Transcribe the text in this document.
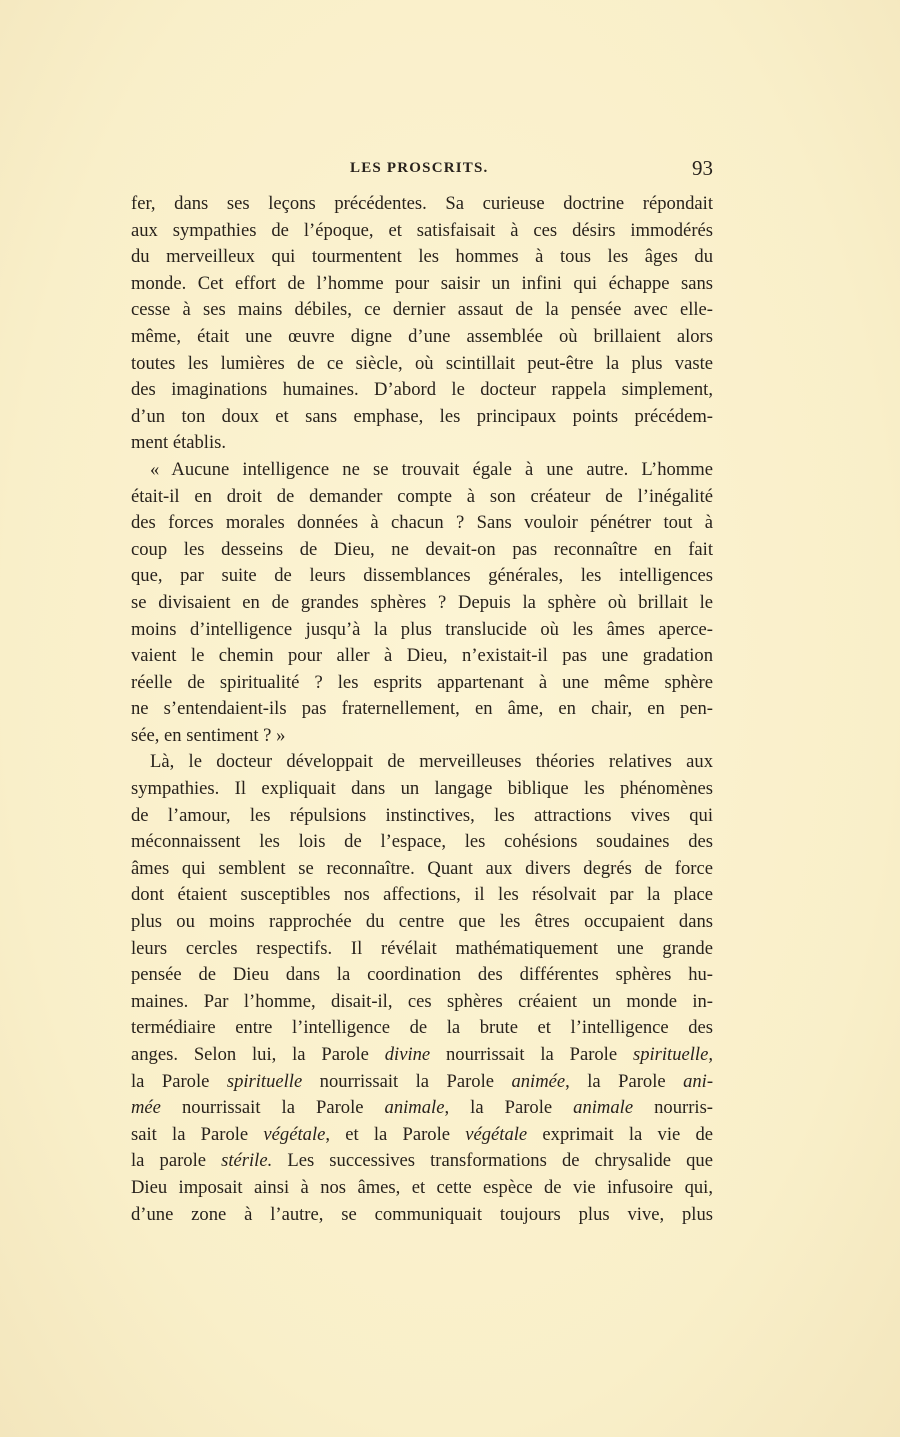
LES PROSCRITS.	93
fer, dans ses leçons précédentes. Sa curieuse doctrine répondait
aux sympathies de l’époque, et satisfaisait à ces désirs immodérés
du merveilleux qui tourmentent les hommes à tous les âges du
monde. Cet effort de l’homme pour saisir un infini qui échappe sans
cesse à ses mains débiles, ce dernier assaut de la pensée avec elle-
même, était une œuvre digne d’une assemblée où brillaient alors
toutes les lumières de ce siècle, où scintillait peut-être la plus vaste
des imaginations humaines. D’abord le docteur rappela simplement,
d’un ton doux et sans emphase, les principaux points précédem-
ment établis.
« Aucune intelligence ne se trouvait égale à une autre. L’homme
était-il en droit de demander compte à son créateur de l’inégalité
des forces morales données à chacun ? Sans vouloir pénétrer tout à
coup les desseins de Dieu, ne devait-on pas reconnaître en fait
que, par suite de leurs dissemblances générales, les intelligences
se divisaient en de grandes sphères ? Depuis la sphère où brillait le
moins d’intelligence jusqu’à la plus translucide où les âmes aperce-
vaient le chemin pour aller à Dieu, n’existait-il pas une gradation
réelle de spiritualité ? les esprits appartenant à une même sphère
ne s’entendaient-ils pas fraternellement, en âme, en chair, en pen-
sée, en sentiment ? »
Là, le docteur développait de merveilleuses théories relatives aux
sympathies. Il expliquait dans un langage biblique les phénomènes
de l’amour, les répulsions instinctives, les attractions vives qui
méconnaissent les lois de l’espace, les cohésions soudaines des
âmes qui semblent se reconnaître. Quant aux divers degrés de force
dont étaient susceptibles nos affections, il les résolvait par la place
plus ou moins rapprochée du centre que les êtres occupaient dans
leurs cercles respectifs. Il révélait mathématiquement une grande
pensée de Dieu dans la coordination des différentes sphères hu-
maines. Par l’homme, disait-il, ces sphères créaient un monde in-
termédiaire entre l’intelligence de la brute et l’intelligence des
anges. Selon lui, la Parole divine nourrissait la Parole spirituelle,
la Parole spirituelle nourrissait la Parole animée, la Parole ani-
mée nourrissait la Parole animale, la Parole animale nourris-
sait la Parole végétale, et la Parole végétale exprimait la vie de
la parole stérile. Les successives transformations de chrysalide que
Dieu imposait ainsi à nos âmes, et cette espèce de vie infusoire qui,
d’une zone à l’autre, se communiquait toujours plus vive, plus
